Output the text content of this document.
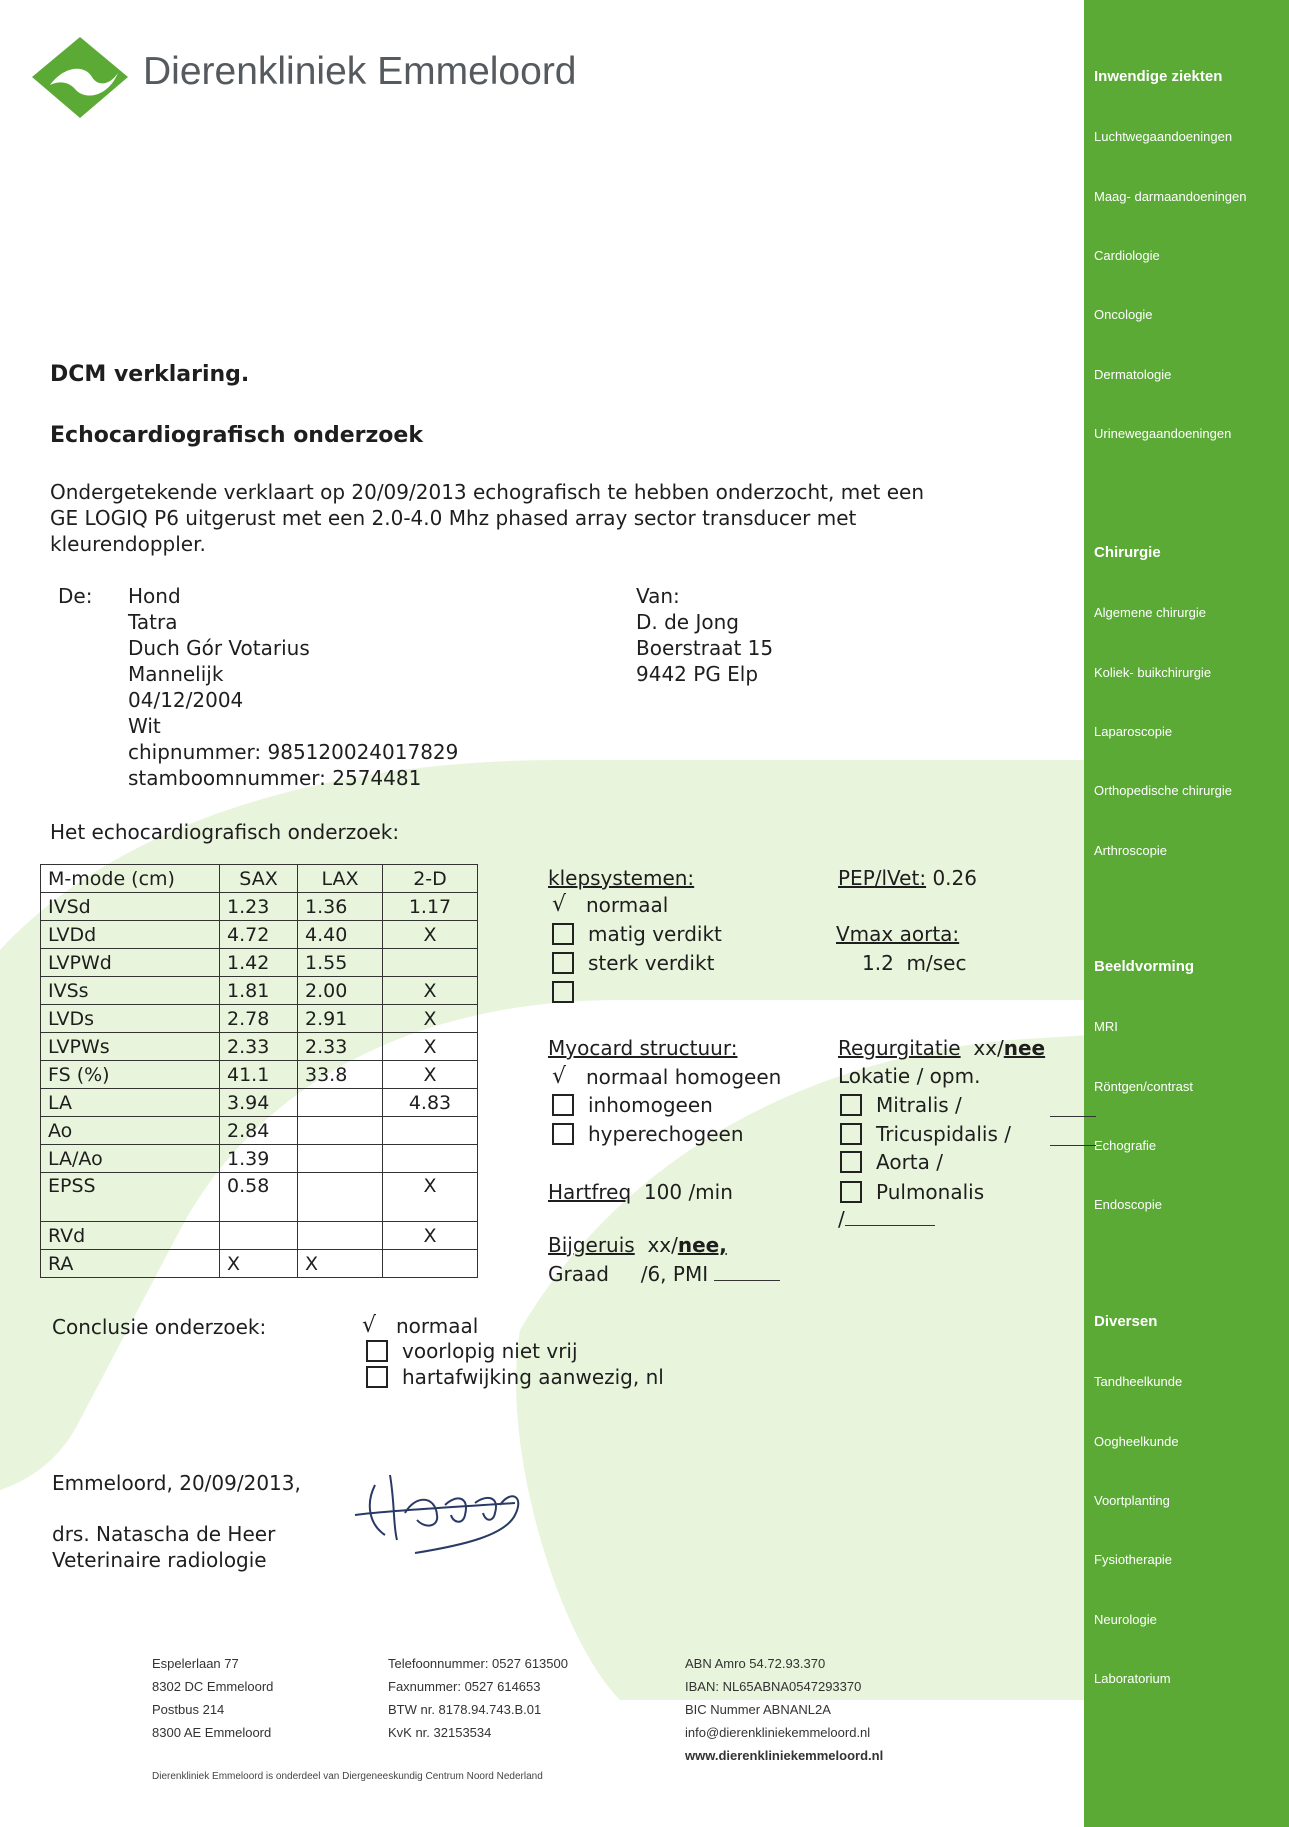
Inwendige ziekten
Luchtwegaandoeningen
Maag- darmaandoeningen
Cardiologie
Oncologie
Dermatologie
Urinewegaandoeningen
Chirurgie
Algemene chirurgie
Koliek- buikchirurgie
Laparoscopie
Orthopedische chirurgie
Arthroscopie
Beeldvorming
MRI
Röntgen/contrast
Echografie
Endoscopie
Diversen
Tandheelkunde
Oogheelkunde
Voortplanting
Fysiotherapie
Neurologie
Laboratorium
Dierenkliniek Emmeloord
DCM verklaring.
Echocardiografisch onderzoek
Ondergetekende verklaart op 20/09/2013 echografisch te hebben onderzocht, met een
GE LOGIQ P6 uitgerust met een 2.0-4.0 Mhz phased array sector transducer met
kleurendoppler.
De: Hond
Tatra
Duch Gór Votarius
Mannelijk
04/12/2004
Wit
chipnummer: 985120024017829
stamboomnummer: 2574481
Van:
D. de Jong
Boerstraat 15
9442 PG Elp
Het echocardiografisch onderzoek:
M-mode (cm)	SAX	LAX	2-D
IVSd	1.23	1.36	1.17
LVDd	4.72	4.40	X
LVPWd	1.42	1.55	
IVSs	1.81	2.00	X
LVDs	2.78	2.91	X
LVPWs	2.33	2.33	X
FS (%)	41.1	33.8	X
LA	3.94		4.83
Ao	2.84		
LA/Ao	1.39		
EPSS	0.58		X
RVd			X
RA	X	X	
klepsystemen:
√ normaal
matig verdikt
sterk verdikt
PEP/lVet: 0.26
Vmax aorta:
1.2 m/sec
Myocard structuur:
√ normaal homogeen
inhomogeen
hyperechogeen
Regurgitatie xx/nee
Lokatie / opm.
Mitralis /
Tricuspidalis /
Aorta /
Pulmonalis
/
Hartfreq 100 /min
Bijgeruis xx/nee,
Graad     /6, PMI
Conclusie onderzoek:	√ normaal
voorlopig niet vrij
hartafwijking aanwezig, nl
Emmeloord, 20/09/2013,
drs. Natascha de Heer
Veterinaire radiologie
Espelerlaan 77
8302 DC Emmeloord
Postbus 214
8300 AE Emmeloord
Telefoonnummer: 0527 613500
Faxnummer: 0527 614653
BTW nr. 8178.94.743.B.01
KvK nr. 32153534
ABN Amro 54.72.93.370
IBAN: NL65ABNA0547293370
BIC Nummer ABNANL2A
info@dierenkliniekemmeloord.nl
www.dierenkliniekemmeloord.nl
Dierenkliniek Emmeloord is onderdeel van Diergeneeskundig Centrum Noord Nederland
